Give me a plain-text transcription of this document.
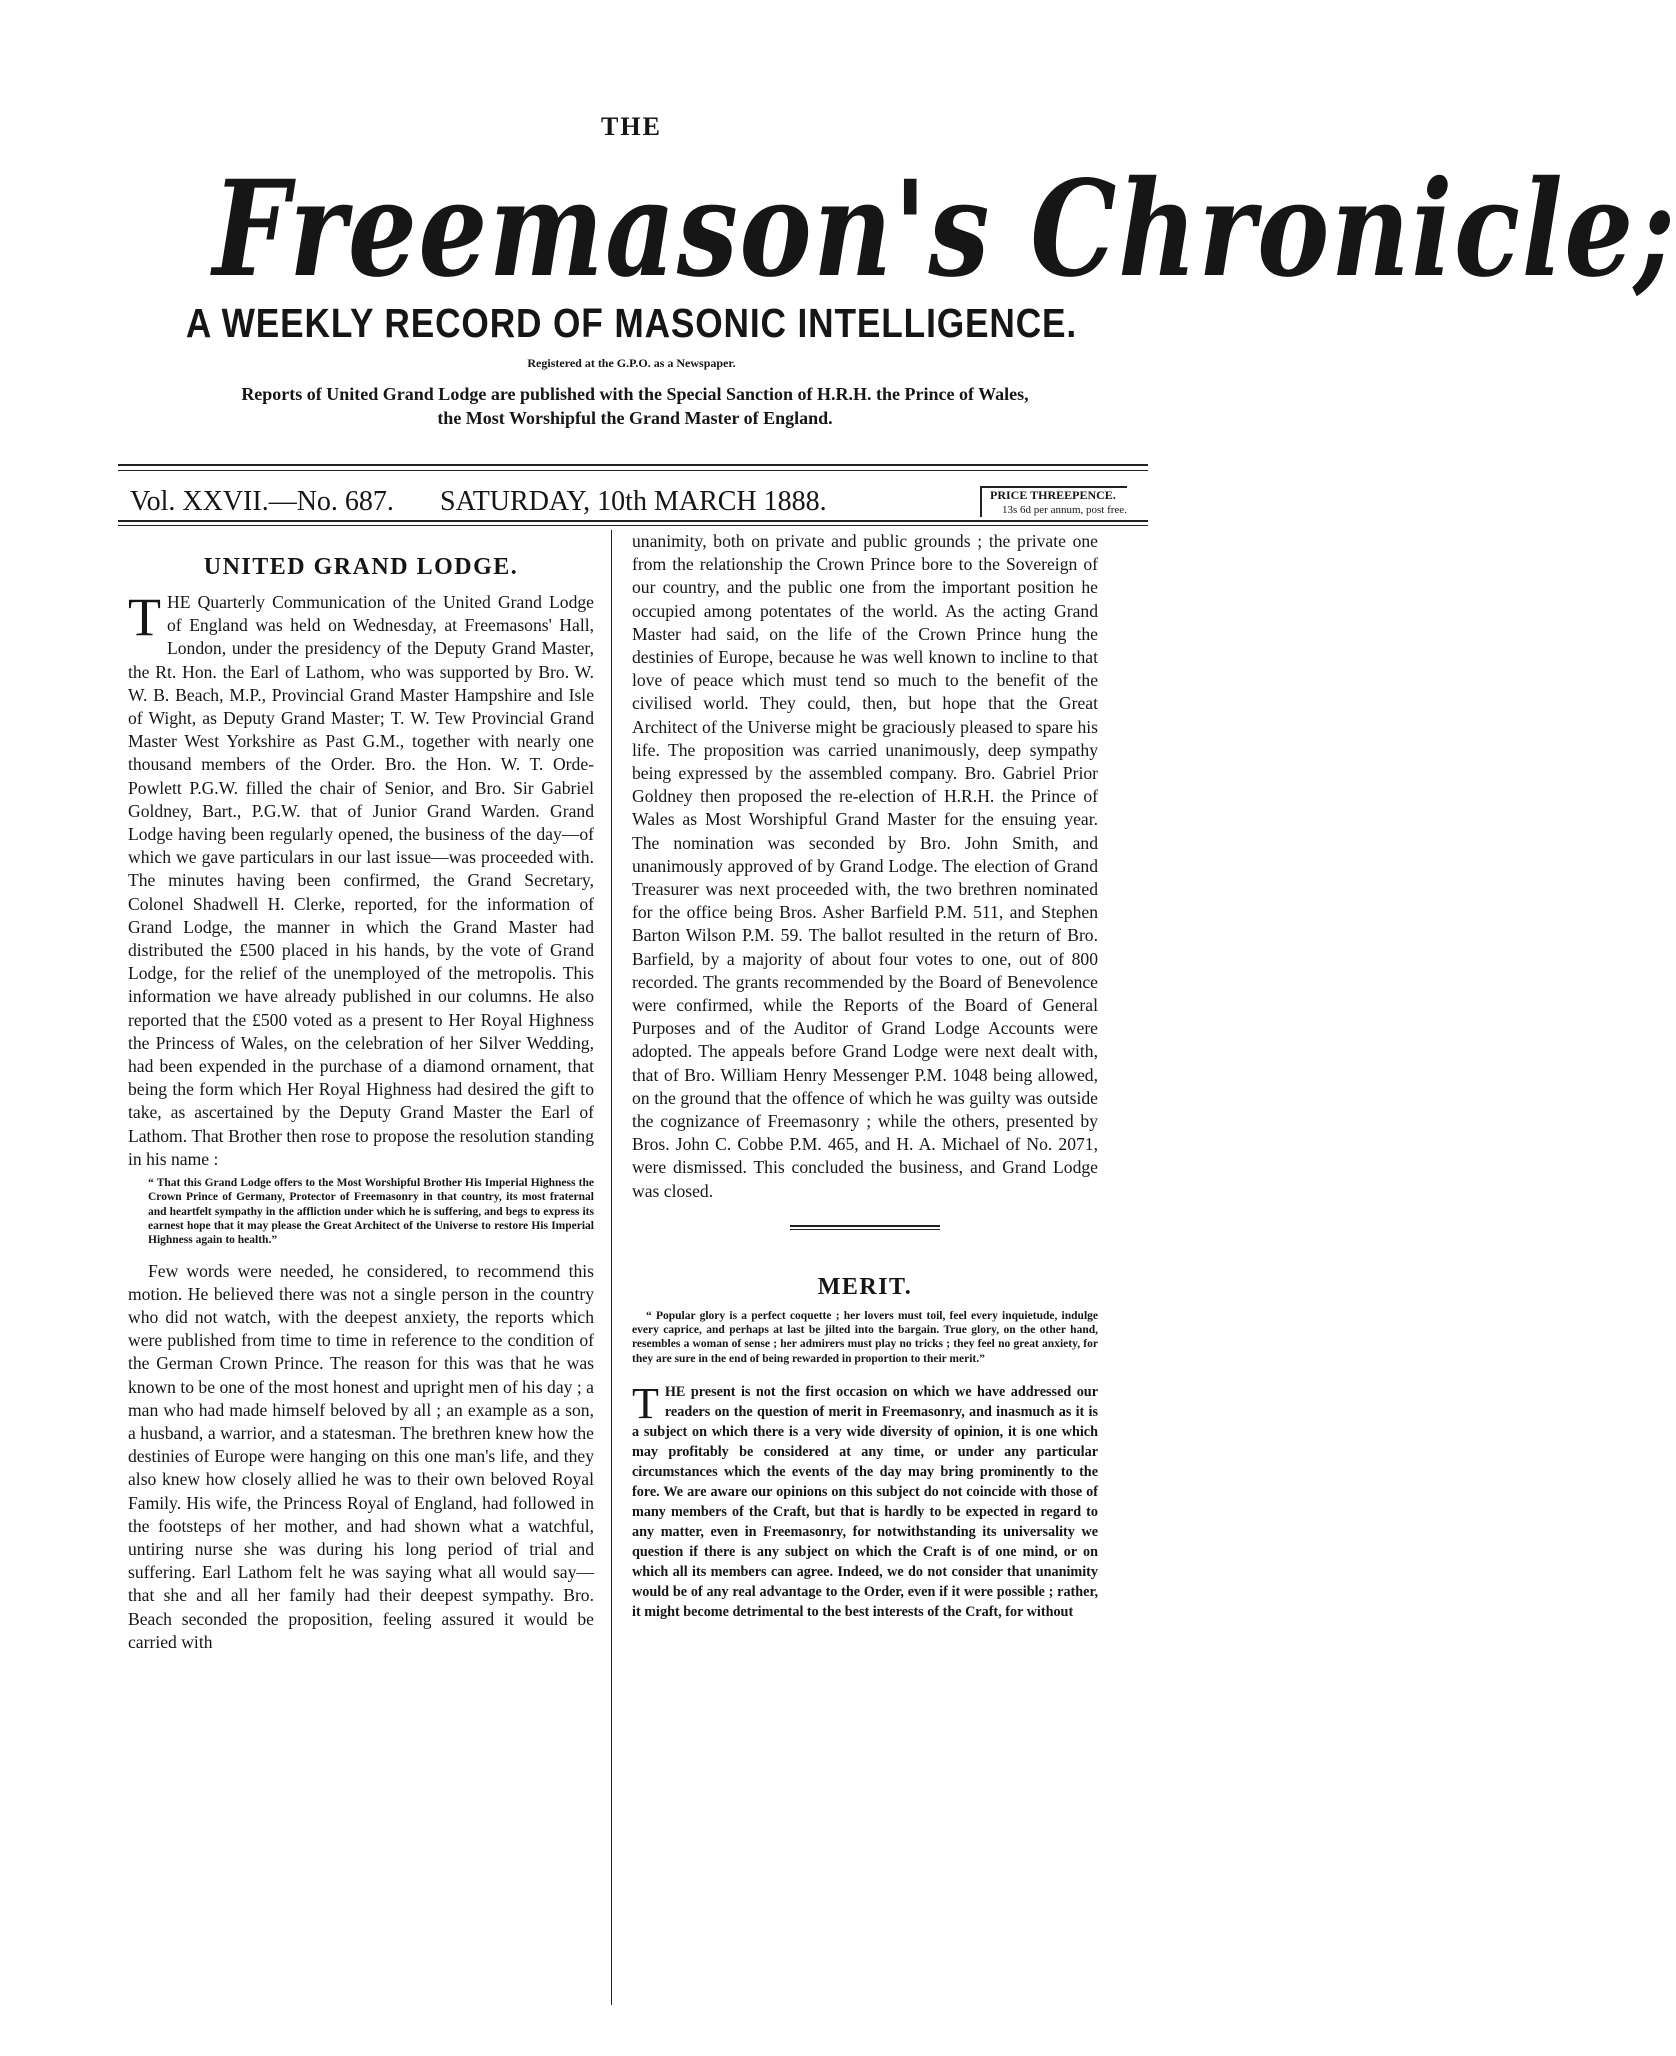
THE
Freemason's Chronicle;
A WEEKLY RECORD OF MASONIC INTELLIGENCE.
Registered at the G.P.O. as a Newspaper.
Reports of United Grand Lodge are published with the Special Sanction of H.R.H. the Prince of Wales,
the Most Worshipful the Grand Master of England.
Vol. XXVII.—No. 687. SATURDAY, 10th MARCH 1888.	PRICE THREEPENCE.
13s 6d per annum, post free.
UNITED GRAND LODGE.

THE Quarterly Communication of the United Grand Lodge of England was held on Wednesday, at Freemasons' Hall, London, under the presidency of the Deputy Grand Master, the Rt. Hon. the Earl of Lathom, who was supported by Bro. W. W. B. Beach, M.P., Provincial Grand Master Hampshire and Isle of Wight, as Deputy Grand Master; T. W. Tew Provincial Grand Master West Yorkshire as Past G.M., together with nearly one thousand members of the Order. Bro. the Hon. W. T. Orde-Powlett P.G.W. filled the chair of Senior, and Bro. Sir Gabriel Goldney, Bart., P.G.W. that of Junior Grand Warden. Grand Lodge having been regularly opened, the business of the day—of which we gave particulars in our last issue—was proceeded with. The minutes having been confirmed, the Grand Secretary, Colonel Shadwell H. Clerke, reported, for the information of Grand Lodge, the manner in which the Grand Master had distributed the £500 placed in his hands, by the vote of Grand Lodge, for the relief of the unemployed of the metropolis. This information we have already published in our columns. He also reported that the £500 voted as a present to Her Royal Highness the Princess of Wales, on the celebration of her Silver Wedding, had been expended in the purchase of a diamond ornament, that being the form which Her Royal Highness had desired the gift to take, as ascertained by the Deputy Grand Master the Earl of Lathom. That Brother then rose to propose the resolution standing in his name :

“ That this Grand Lodge offers to the Most Worshipful Brother His Imperial Highness the Crown Prince of Germany, Protector of Freemasonry in that country, its most fraternal and heartfelt sympathy in the affliction under which he is suffering, and begs to express its earnest hope that it may please the Great Architect of the Universe to restore His Imperial Highness again to health.”

Few words were needed, he considered, to recommend this motion. He believed there was not a single person in the country who did not watch, with the deepest anxiety, the reports which were published from time to time in reference to the condition of the German Crown Prince. The reason for this was that he was known to be one of the most honest and upright men of his day ; a man who had made himself beloved by all ; an example as a son, a husband, a warrior, and a statesman. The brethren knew how the destinies of Europe were hanging on this one man's life, and they also knew how closely allied he was to their own beloved Royal Family. His wife, the Princess Royal of England, had followed in the footsteps of her mother, and had shown what a watchful, untiring nurse she was during his long period of trial and suffering. Earl Lathom felt he was saying what all would say—that she and all her family had their deepest sympathy. Bro. Beach seconded the proposition, feeling assured it would be carried with

unanimity, both on private and public grounds ; the private one from the relationship the Crown Prince bore to the Sovereign of our country, and the public one from the important position he occupied among potentates of the world. As the acting Grand Master had said, on the life of the Crown Prince hung the destinies of Europe, because he was well known to incline to that love of peace which must tend so much to the benefit of the civilised world. They could, then, but hope that the Great Architect of the Universe might be graciously pleased to spare his life. The proposition was carried unanimously, deep sympathy being expressed by the assembled company. Bro. Gabriel Prior Goldney then proposed the re-election of H.R.H. the Prince of Wales as Most Worshipful Grand Master for the ensuing year. The nomination was seconded by Bro. John Smith, and unanimously approved of by Grand Lodge. The election of Grand Treasurer was next proceeded with, the two brethren nominated for the office being Bros. Asher Barfield P.M. 511, and Stephen Barton Wilson P.M. 59. The ballot resulted in the return of Bro. Barfield, by a majority of about four votes to one, out of 800 recorded. The grants recommended by the Board of Benevolence were confirmed, while the Reports of the Board of General Purposes and of the Auditor of Grand Lodge Accounts were adopted. The appeals before Grand Lodge were next dealt with, that of Bro. William Henry Messenger P.M. 1048 being allowed, on the ground that the offence of which he was guilty was outside the cognizance of Freemasonry ; while the others, presented by Bros. John C. Cobbe P.M. 465, and H. A. Michael of No. 2071, were dismissed. This concluded the business, and Grand Lodge was closed.

MERIT.

“ Popular glory is a perfect coquette ; her lovers must toil, feel every inquietude, indulge every caprice, and perhaps at last be jilted into the bargain. True glory, on the other hand, resembles a woman of sense ; her admirers must play no tricks ; they feel no great anxiety, for they are sure in the end of being rewarded in proportion to their merit.”

THE present is not the first occasion on which we have addressed our readers on the question of merit in Freemasonry, and inasmuch as it is a subject on which there is a very wide diversity of opinion, it is one which may profitably be considered at any time, or under any particular circumstances which the events of the day may bring prominently to the fore. We are aware our opinions on this subject do not coincide with those of many members of the Craft, but that is hardly to be expected in regard to any matter, even in Freemasonry, for notwithstanding its universality we question if there is any subject on which the Craft is of one mind, or on which all its members can agree. Indeed, we do not consider that unanimity would be of any real advantage to the Order, even if it were possible ; rather, it might become detrimental to the best interests of the Craft, for without
